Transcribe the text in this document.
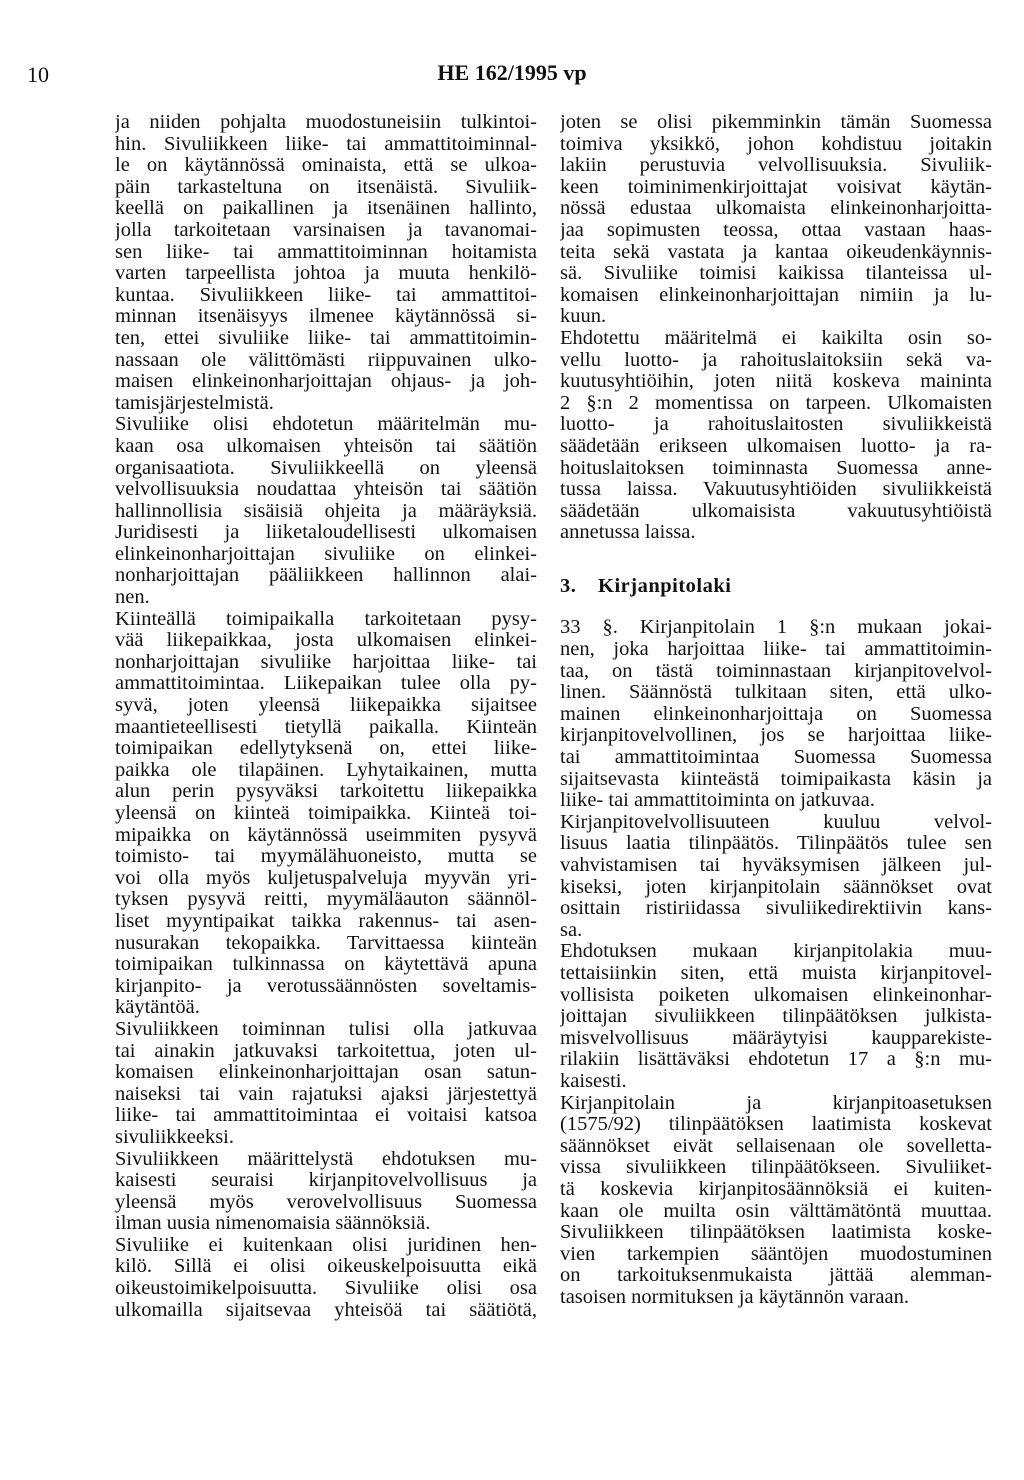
10	HE 162/1995 vp
ja niiden pohjalta muodostuneisiin tulkintoi-
hin. Sivuliikkeen liike- tai ammattitoiminnal-
le on käytännössä ominaista, että se ulkoa-
päin tarkasteltuna on itsenäistä. Sivuliik-
keellä on paikallinen ja itsenäinen hallinto,
jolla tarkoitetaan varsinaisen ja tavanomai-
sen liike- tai ammattitoiminnan hoitamista
varten tarpeellista johtoa ja muuta henkilö-
kuntaa. Sivuliikkeen liike- tai ammattitoi-
minnan itsenäisyys ilmenee käytännössä si-
ten, ettei sivuliike liike- tai ammattitoimin-
nassaan ole välittömästi riippuvainen ulko-
maisen elinkeinonharjoittajan ohjaus- ja joh-
tamisjärjestelmistä.
Sivuliike olisi ehdotetun määritelmän mu-
kaan osa ulkomaisen yhteisön tai säätiön
organisaatiota. Sivuliikkeellä on yleensä
velvollisuuksia noudattaa yhteisön tai säätiön
hallinnollisia sisäisiä ohjeita ja määräyksiä.
Juridisesti ja liiketaloudellisesti ulkomaisen
elinkeinonharjoittajan sivuliike on elinkei-
nonharjoittajan pääliikkeen hallinnon alai-
nen.
Kiinteällä toimipaikalla tarkoitetaan pysy-
vää liikepaikkaa, josta ulkomaisen elinkei-
nonharjoittajan sivuliike harjoittaa liike- tai
ammattitoimintaa. Liikepaikan tulee olla py-
syvä, joten yleensä liikepaikka sijaitsee
maantieteellisesti tietyllä paikalla. Kiinteän
toimipaikan edellytyksenä on, ettei liike-
paikka ole tilapäinen. Lyhytaikainen, mutta
alun perin pysyväksi tarkoitettu liikepaikka
yleensä on kiinteä toimipaikka. Kiinteä toi-
mipaikka on käytännössä useimmiten pysyvä
toimisto- tai myymälähuoneisto, mutta se
voi olla myös kuljetuspalveluja myyvän yri-
tyksen pysyvä reitti, myymäläauton säännöl-
liset myyntipaikat taikka rakennus- tai asen-
nusurakan tekopaikka. Tarvittaessa kiinteän
toimipaikan tulkinnassa on käytettävä apuna
kirjanpito- ja verotussäännösten soveltamis-
käytäntöä.
Sivuliikkeen toiminnan tulisi olla jatkuvaa
tai ainakin jatkuvaksi tarkoitettua, joten ul-
komaisen elinkeinonharjoittajan osan satun-
naiseksi tai vain rajatuksi ajaksi järjestettyä
liike- tai ammattitoimintaa ei voitaisi katsoa
sivuliikkeeksi.
Sivuliikkeen määrittelystä ehdotuksen mu-
kaisesti seuraisi kirjanpitovelvollisuus ja
yleensä myös verovelvollisuus Suomessa
ilman uusia nimenomaisia säännöksiä.
Sivuliike ei kuitenkaan olisi juridinen hen-
kilö. Sillä ei olisi oikeuskelpoisuutta eikä
oikeustoimikelpoisuutta. Sivuliike olisi osa
ulkomailla sijaitsevaa yhteisöä tai säätiötä,
joten se olisi pikemminkin tämän Suomessa
toimiva yksikkö, johon kohdistuu joitakin
lakiin perustuvia velvollisuuksia. Sivuliik-
keen toiminimenkirjoittajat voisivat käytän-
nössä edustaa ulkomaista elinkeinonharjoitta-
jaa sopimusten teossa, ottaa vastaan haas-
teita sekä vastata ja kantaa oikeudenkäynnis-
sä. Sivuliike toimisi kaikissa tilanteissa ul-
komaisen elinkeinonharjoittajan nimiin ja lu-
kuun.
Ehdotettu määritelmä ei kaikilta osin so-
vellu luotto- ja rahoituslaitoksiin sekä va-
kuutusyhtiöihin, joten niitä koskeva maininta
2 §:n 2 momentissa on tarpeen. Ulkomaisten
luotto- ja rahoituslaitosten sivuliikkeistä
säädetään erikseen ulkomaisen luotto- ja ra-
hoituslaitoksen toiminnasta Suomessa anne-
tussa laissa. Vakuutusyhtiöiden sivuliikkeistä
säädetään ulkomaisista vakuutusyhtiöistä
annetussa laissa.
3. Kirjanpitolaki
33 §. Kirjanpitolain 1 §:n mukaan jokai-
nen, joka harjoittaa liike- tai ammattitoimin-
taa, on tästä toiminnastaan kirjanpitovelvol-
linen. Säännöstä tulkitaan siten, että ulko-
mainen elinkeinonharjoittaja on Suomessa
kirjanpitovelvollinen, jos se harjoittaa liike-
tai ammattitoimintaa Suomessa Suomessa
sijaitsevasta kiinteästä toimipaikasta käsin ja
liike- tai ammattitoiminta on jatkuvaa.
Kirjanpitovelvollisuuteen kuuluu velvol-
lisuus laatia tilinpäätös. Tilinpäätös tulee sen
vahvistamisen tai hyväksymisen jälkeen jul-
kiseksi, joten kirjanpitolain säännökset ovat
osittain ristiriidassa sivuliikedirektiivin kans-
sa.
Ehdotuksen mukaan kirjanpitolakia muu-
tettaisiinkin siten, että muista kirjanpitovel-
vollisista poiketen ulkomaisen elinkeinonhar-
joittajan sivuliikkeen tilinpäätöksen julkista-
misvelvollisuus määräytyisi kaupparekiste-
rilakiin lisättäväksi ehdotetun 17 a §:n mu-
kaisesti.
Kirjanpitolain ja kirjanpitoasetuksen
(1575/92) tilinpäätöksen laatimista koskevat
säännökset eivät sellaisenaan ole sovelletta-
vissa sivuliikkeen tilinpäätökseen. Sivuliiket-
tä koskevia kirjanpitosäännöksiä ei kuiten-
kaan ole muilta osin välttämätöntä muuttaa.
Sivuliikkeen tilinpäätöksen laatimista koske-
vien tarkempien sääntöjen muodostuminen
on tarkoituksenmukaista jättää alemman-
tasoisen normituksen ja käytännön varaan.
